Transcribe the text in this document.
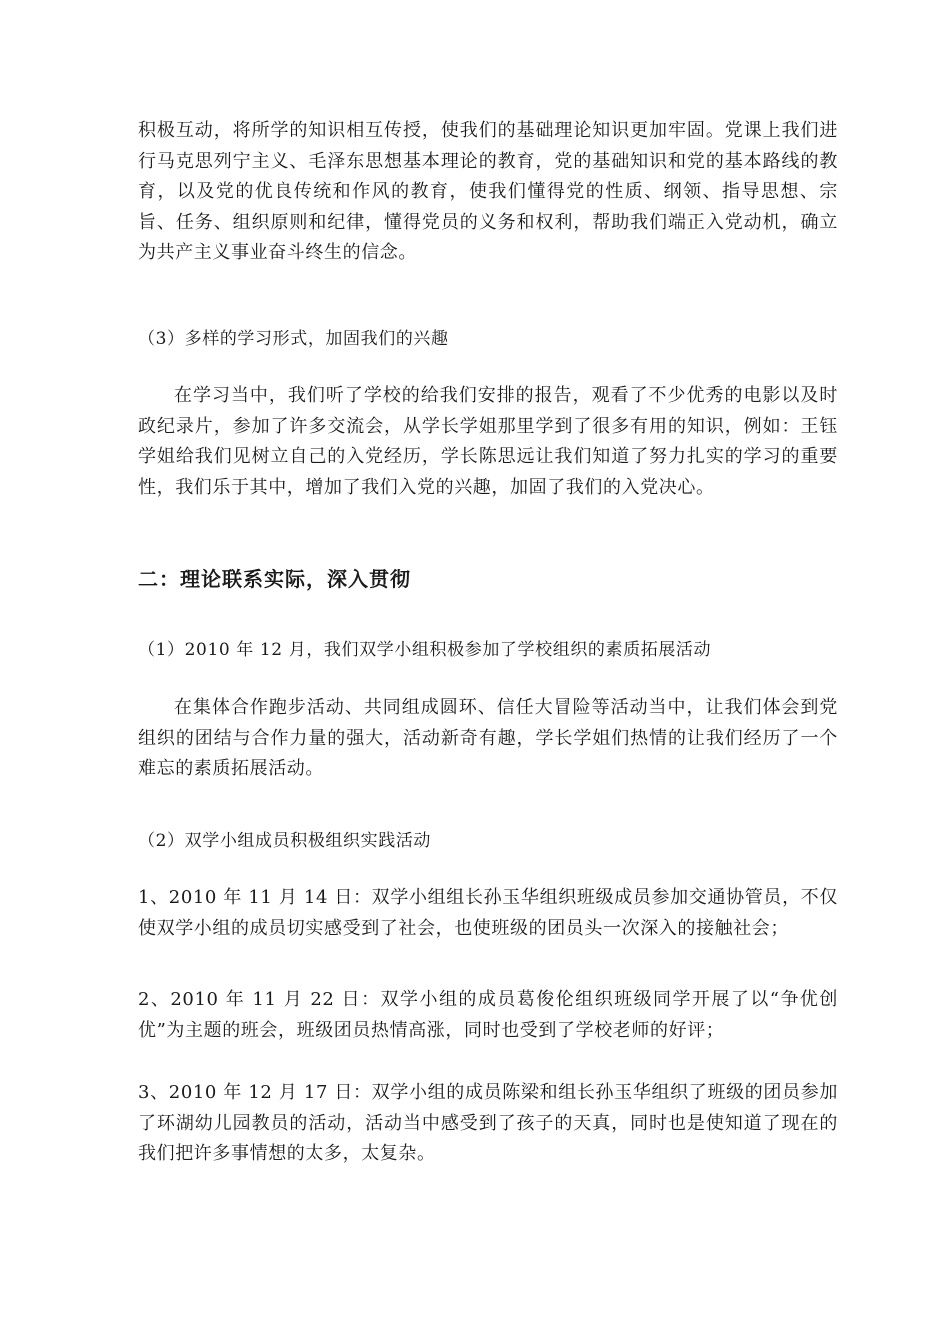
积极互动，将所学的知识相互传授，使我们的基础理论知识更加牢固。党课上我们进行马克思列宁主义、毛泽东思想基本理论的教育，党的基础知识和党的基本路线的教育，以及党的优良传统和作风的教育，使我们懂得党的性质、纲领、指导思想、宗旨、任务、组织原则和纪律，懂得党员的义务和权利，帮助我们端正入党动机，确立为共产主义事业奋斗终生的信念。

（3）多样的学习形式，加固我们的兴趣

在学习当中，我们听了学校的给我们安排的报告，观看了不少优秀的电影以及时政纪录片，参加了许多交流会，从学长学姐那里学到了很多有用的知识，例如：王钰学姐给我们见树立自己的入党经历，学长陈思远让我们知道了努力扎实的学习的重要性，我们乐于其中，增加了我们入党的兴趣，加固了我们的入党决心。

二：理论联系实际，深入贯彻

（1）2010 年 12 月，我们双学小组积极参加了学校组织的素质拓展活动

在集体合作跑步活动、共同组成圆环、信任大冒险等活动当中，让我们体会到党组织的团结与合作力量的强大，活动新奇有趣，学长学姐们热情的让我们经历了一个难忘的素质拓展活动。

（2）双学小组成员积极组织实践活动

1、2010 年 11 月 14 日：双学小组组长孙玉华组织班级成员参加交通协管员，不仅使双学小组的成员切实感受到了社会，也使班级的团员头一次深入的接触社会；

2、2010 年 11 月 22 日：双学小组的成员葛俊伦组织班级同学开展了以“争优创优”为主题的班会，班级团员热情高涨，同时也受到了学校老师的好评；

3、2010 年 12 月 17 日：双学小组的成员陈梁和组长孙玉华组织了班级的团员参加了环湖幼儿园教员的活动，活动当中感受到了孩子的天真，同时也是使知道了现在的我们把许多事情想的太多，太复杂。
